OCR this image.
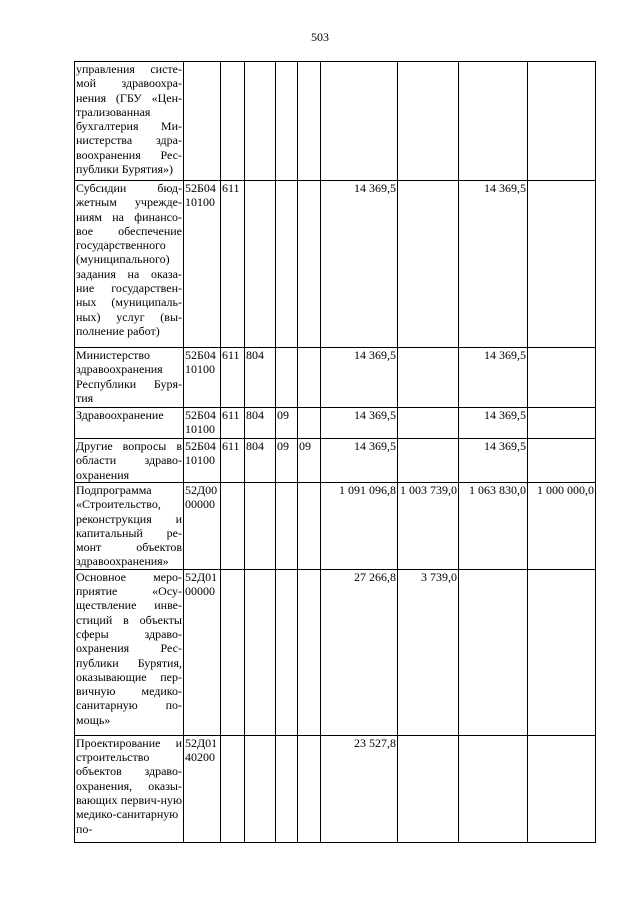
503
управления систе-мой здравоохра-нения (ГБУ «Цен-трализованная бухгалтерия Ми-нистерства здра-воохранения Рес-публики Бурятия»)									
Субсидии бюд-жетным учрежде-ниям на финансо-вое обеспечение государственного (муниципального) задания на оказа-ние государствен-ных (муниципаль-ных) услуг (вы-полнение работ)	52Б04 10100	611				14 369,5		14 369,5	
Министерство здравоохранения Республики Буря-тия	52Б04 10100	611	804			14 369,5		14 369,5	
Здравоохранение	52Б04 10100	611	804	09		14 369,5		14 369,5	
Другие вопросы в области здраво-охранения	52Б04 10100	611	804	09	09	14 369,5		14 369,5	
Подпрограмма «Строительство, реконструкция и капитальный ре-монт объектов здравоохранения»	52Д00 00000					1 091 096,8	1 003 739,0	1 063 830,0	1 000 000,0
Основное меро-приятие «Осу-ществление инве-стиций в объекты сферы здраво-охранения Рес-публики Бурятия, оказывающие пер-вичную медико-санитарную по-мощь»	52Д01 00000					27 266,8	3 739,0		
Проектирование и строительство объектов здраво-охранения, оказы-вающих первич-ную медико-санитарную по-	52Д01 40200					23 527,8			
